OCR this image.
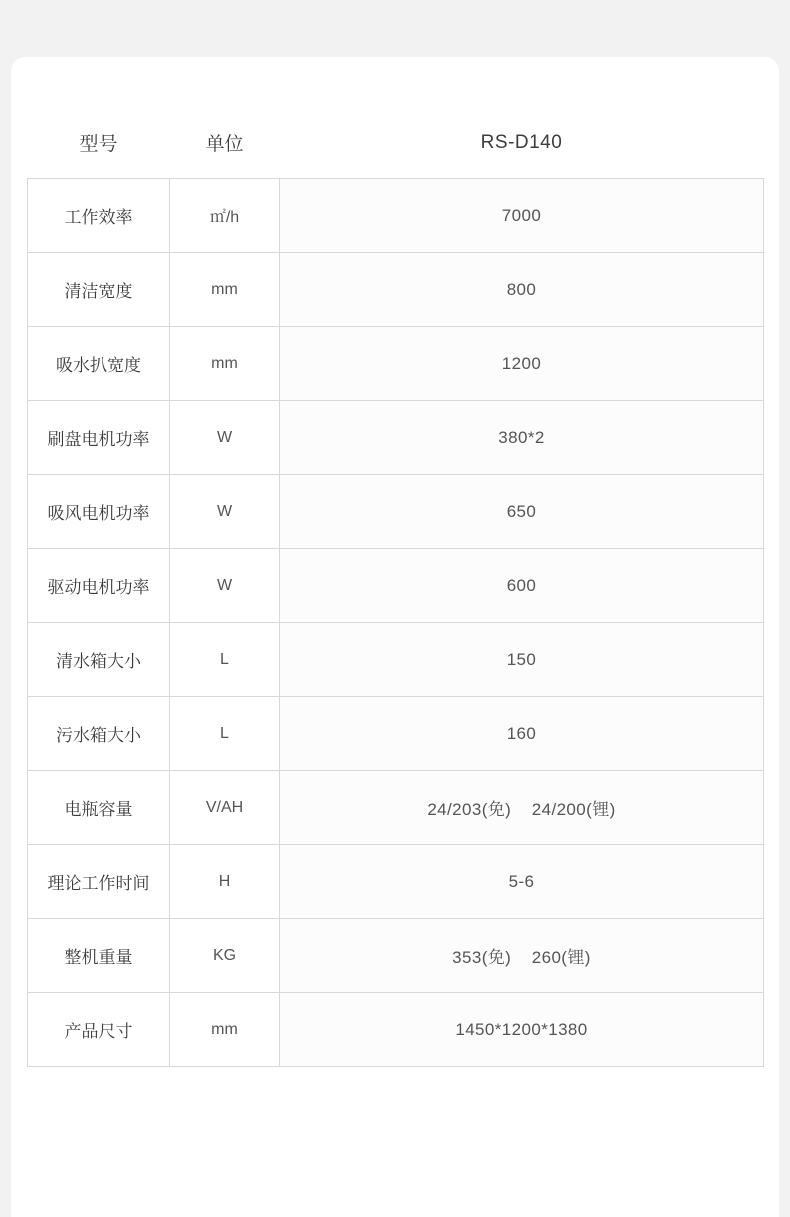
型号	单位	RS-D140
工作效率	㎡/h	7000
清洁宽度	mm	800
吸水扒宽度	mm	1200
刷盘电机功率	W	380*2
吸风电机功率	W	650
驱动电机功率	W	600
清水箱大小	L	150
污水箱大小	L	160
电瓶容量	V/AH	24/203(免)    24/200(锂)
理论工作时间	H	5-6
整机重量	KG	353(免)    260(锂)
产品尺寸	mm	1450*1200*1380
